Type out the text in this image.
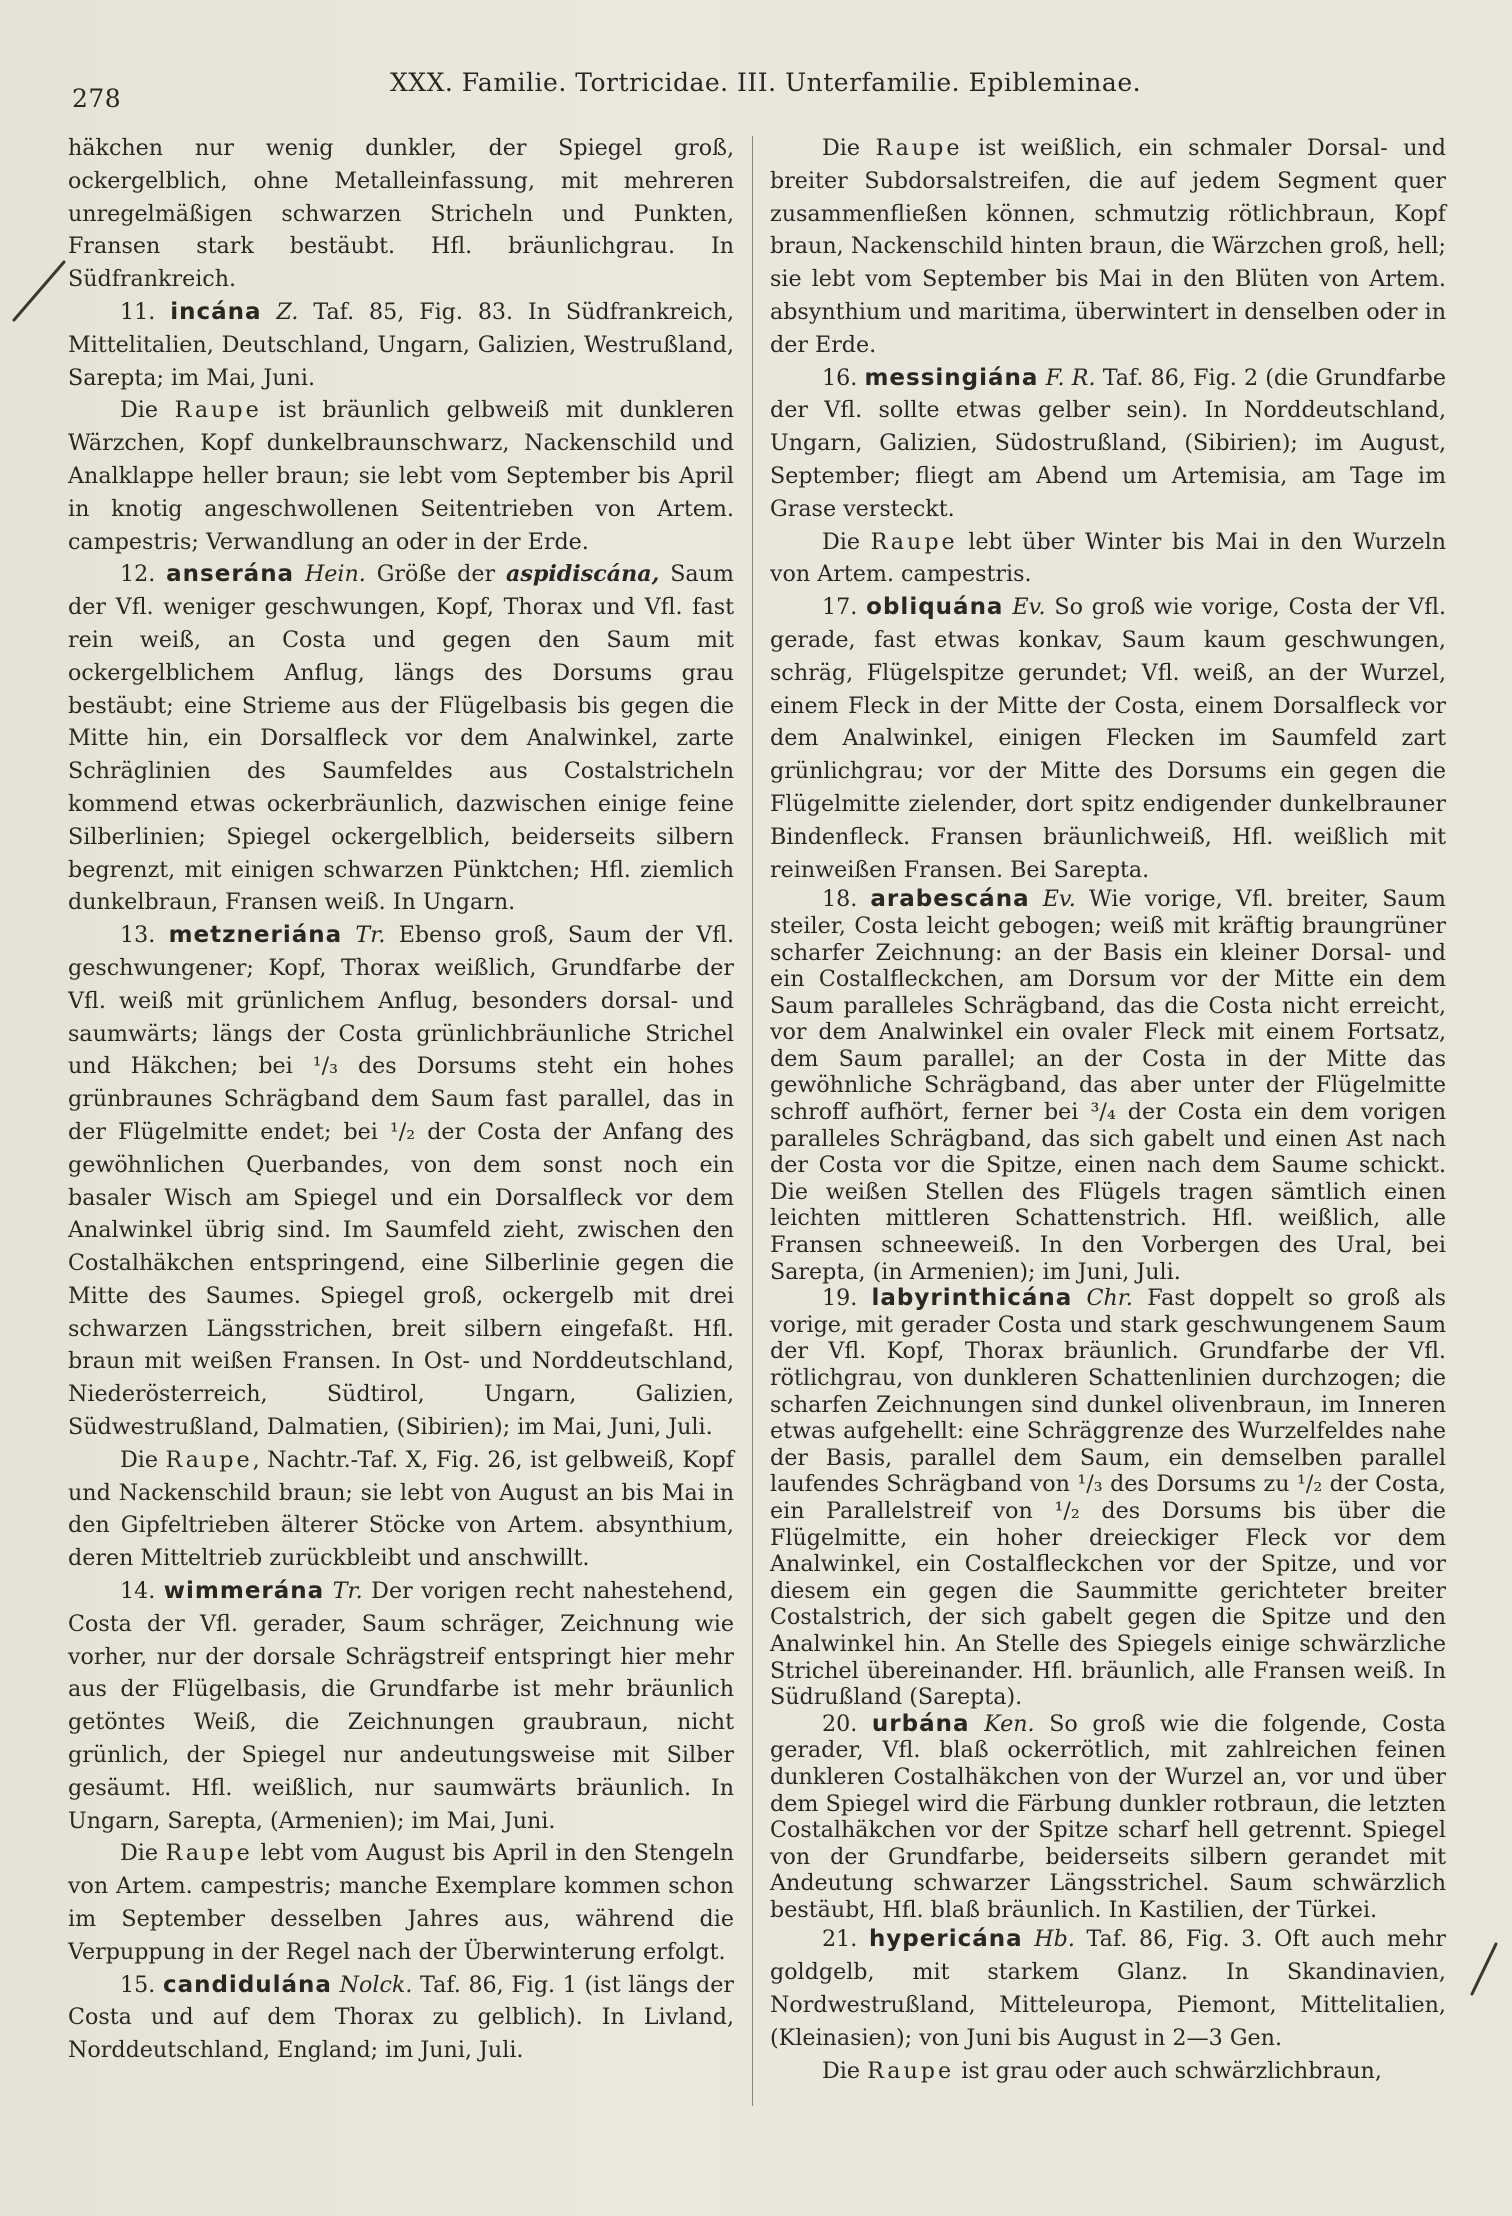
278
XXX. Familie. Tortricidae. III. Unterfamilie. Epibleminae.

häkchen nur wenig dunkler, der Spiegel groß, ockergelblich, ohne Metalleinfassung, mit mehreren unregelmäßigen schwarzen Stricheln und Punkten, Fransen stark bestäubt. Hfl. bräunlichgrau. In Südfrankreich.

11. incána Z. Taf. 85, Fig. 83. In Südfrankreich, Mittelitalien, Deutschland, Ungarn, Galizien, Westrußland, Sarepta; im Mai, Juni.

Die Raupe ist bräunlich gelbweiß mit dunkleren Wärzchen, Kopf dunkelbraunschwarz, Nackenschild und Analklappe heller braun; sie lebt vom September bis April in knotig angeschwollenen Seitentrieben von Artem. campestris; Verwandlung an oder in der Erde.

12. anserána Hein. Größe der aspidiscána, Saum der Vfl. weniger geschwungen, Kopf, Thorax und Vfl. fast rein weiß, an Costa und gegen den Saum mit ockergelblichem Anflug, längs des Dorsums grau bestäubt; eine Strieme aus der Flügelbasis bis gegen die Mitte hin, ein Dorsalfleck vor dem Analwinkel, zarte Schräglinien des Saumfeldes aus Costalstricheln kommend etwas ockerbräunlich, dazwischen einige feine Silberlinien; Spiegel ockergelblich, beiderseits silbern begrenzt, mit einigen schwarzen Pünktchen; Hfl. ziemlich dunkelbraun, Fransen weiß. In Ungarn.

13. metzneriána Tr. Ebenso groß, Saum der Vfl. geschwungener; Kopf, Thorax weißlich, Grundfarbe der Vfl. weiß mit grünlichem Anflug, besonders dorsal- und saumwärts; längs der Costa grünlichbräunliche Strichel und Häkchen; bei ¹/₃ des Dorsums steht ein hohes grünbraunes Schrägband dem Saum fast parallel, das in der Flügelmitte endet; bei ¹/₂ der Costa der Anfang des gewöhnlichen Querbandes, von dem sonst noch ein basaler Wisch am Spiegel und ein Dorsalfleck vor dem Analwinkel übrig sind. Im Saumfeld zieht, zwischen den Costalhäkchen entspringend, eine Silberlinie gegen die Mitte des Saumes. Spiegel groß, ockergelb mit drei schwarzen Längsstrichen, breit silbern eingefaßt. Hfl. braun mit weißen Fransen. In Ost- und Norddeutschland, Niederösterreich, Südtirol, Ungarn, Galizien, Südwestrußland, Dalmatien, (Sibirien); im Mai, Juni, Juli.

Die Raupe, Nachtr.-Taf. X, Fig. 26, ist gelbweiß, Kopf und Nackenschild braun; sie lebt von August an bis Mai in den Gipfeltrieben älterer Stöcke von Artem. absynthium, deren Mitteltrieb zurückbleibt und anschwillt.

14. wimmerána Tr. Der vorigen recht nahestehend, Costa der Vfl. gerader, Saum schräger, Zeichnung wie vorher, nur der dorsale Schrägstreif entspringt hier mehr aus der Flügelbasis, die Grundfarbe ist mehr bräunlich getöntes Weiß, die Zeichnungen graubraun, nicht grünlich, der Spiegel nur andeutungsweise mit Silber gesäumt. Hfl. weißlich, nur saumwärts bräunlich. In Ungarn, Sarepta, (Armenien); im Mai, Juni.

Die Raupe lebt vom August bis April in den Stengeln von Artem. campestris; manche Exemplare kommen schon im September desselben Jahres aus, während die Verpuppung in der Regel nach der Überwinterung erfolgt.

15. candidulána Nolck. Taf. 86, Fig. 1 (ist längs der Costa und auf dem Thorax zu gelblich). In Livland, Norddeutschland, England; im Juni, Juli.

Die Raupe ist weißlich, ein schmaler Dorsal- und breiter Subdorsalstreifen, die auf jedem Segment quer zusammenfließen können, schmutzig rötlichbraun, Kopf braun, Nackenschild hinten braun, die Wärzchen groß, hell; sie lebt vom September bis Mai in den Blüten von Artem. absynthium und maritima, überwintert in denselben oder in der Erde.

16. messingiána F. R. Taf. 86, Fig. 2 (die Grundfarbe der Vfl. sollte etwas gelber sein). In Norddeutschland, Ungarn, Galizien, Südostrußland, (Sibirien); im August, September; fliegt am Abend um Artemisia, am Tage im Grase versteckt.

Die Raupe lebt über Winter bis Mai in den Wurzeln von Artem. campestris.

17. obliquána Ev. So groß wie vorige, Costa der Vfl. gerade, fast etwas konkav, Saum kaum geschwungen, schräg, Flügelspitze gerundet; Vfl. weiß, an der Wurzel, einem Fleck in der Mitte der Costa, einem Dorsalfleck vor dem Analwinkel, einigen Flecken im Saumfeld zart grünlichgrau; vor der Mitte des Dorsums ein gegen die Flügelmitte zielender, dort spitz endigender dunkelbrauner Bindenfleck. Fransen bräunlichweiß, Hfl. weißlich mit reinweißen Fransen. Bei Sarepta.

18. arabescána Ev. Wie vorige, Vfl. breiter, Saum steiler, Costa leicht gebogen; weiß mit kräftig braungrüner scharfer Zeichnung: an der Basis ein kleiner Dorsal- und ein Costalfleckchen, am Dorsum vor der Mitte ein dem Saum paralleles Schrägband, das die Costa nicht erreicht, vor dem Analwinkel ein ovaler Fleck mit einem Fortsatz, dem Saum parallel; an der Costa in der Mitte das gewöhnliche Schrägband, das aber unter der Flügelmitte schroff aufhört, ferner bei ³/₄ der Costa ein dem vorigen paralleles Schrägband, das sich gabelt und einen Ast nach der Costa vor die Spitze, einen nach dem Saume schickt. Die weißen Stellen des Flügels tragen sämtlich einen leichten mittleren Schattenstrich. Hfl. weißlich, alle Fransen schneeweiß. In den Vorbergen des Ural, bei Sarepta, (in Armenien); im Juni, Juli.

19. labyrinthicána Chr. Fast doppelt so groß als vorige, mit gerader Costa und stark geschwungenem Saum der Vfl. Kopf, Thorax bräunlich. Grundfarbe der Vfl. rötlichgrau, von dunkleren Schattenlinien durchzogen; die scharfen Zeichnungen sind dunkel olivenbraun, im Inneren etwas aufgehellt: eine Schräggrenze des Wurzelfeldes nahe der Basis, parallel dem Saum, ein demselben parallel laufendes Schrägband von ¹/₃ des Dorsums zu ¹/₂ der Costa, ein Parallelstreif von ¹/₂ des Dorsums bis über die Flügelmitte, ein hoher dreieckiger Fleck vor dem Analwinkel, ein Costalfleckchen vor der Spitze, und vor diesem ein gegen die Saummitte gerichteter breiter Costalstrich, der sich gabelt gegen die Spitze und den Analwinkel hin. An Stelle des Spiegels einige schwärzliche Strichel übereinander. Hfl. bräunlich, alle Fransen weiß. In Südrußland (Sarepta).

20. urbána Ken. So groß wie die folgende, Costa gerader, Vfl. blaß ockerrötlich, mit zahlreichen feinen dunkleren Costalhäkchen von der Wurzel an, vor und über dem Spiegel wird die Färbung dunkler rotbraun, die letzten Costalhäkchen vor der Spitze scharf hell getrennt. Spiegel von der Grundfarbe, beiderseits silbern gerandet mit Andeutung schwarzer Längsstrichel. Saum schwärzlich bestäubt, Hfl. blaß bräunlich. In Kastilien, der Türkei.

21. hypericána Hb. Taf. 86, Fig. 3. Oft auch mehr goldgelb, mit starkem Glanz. In Skandinavien, Nordwestrußland, Mitteleuropa, Piemont, Mittelitalien, (Kleinasien); von Juni bis August in 2—3 Gen.

Die Raupe ist grau oder auch schwärzlichbraun,
